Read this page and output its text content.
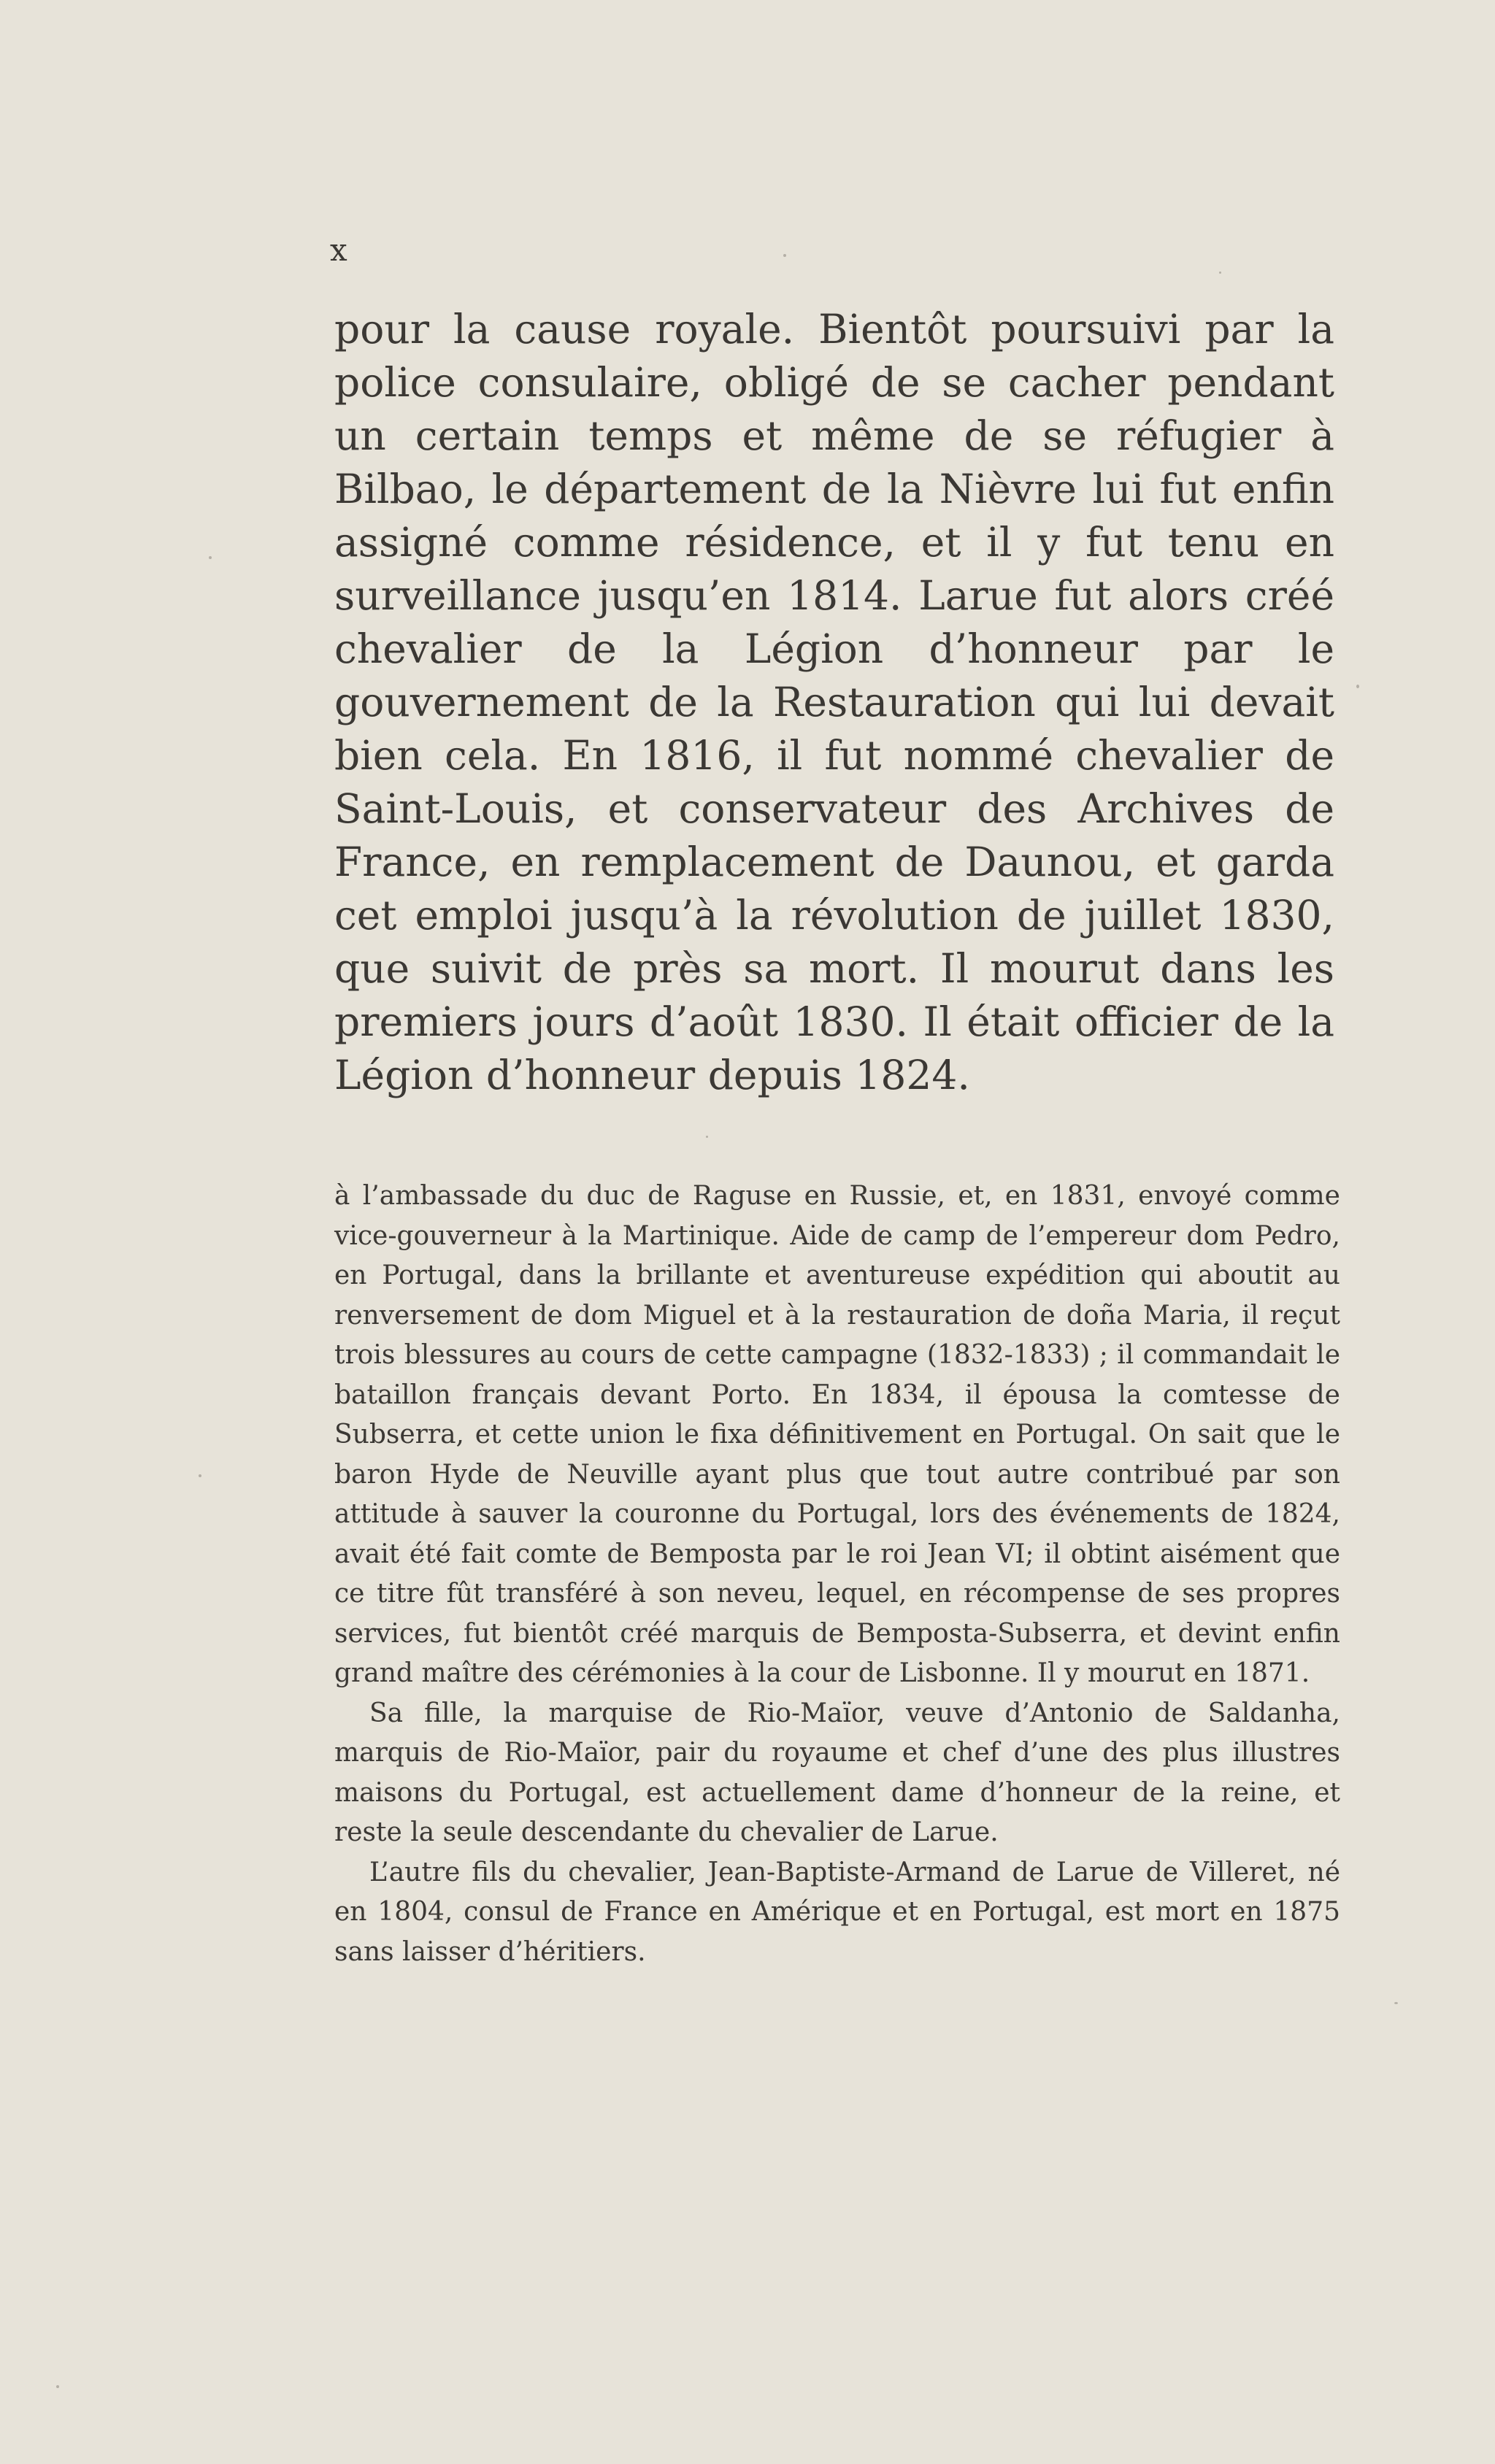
x

pour la cause royale. Bientôt poursuivi par la police consulaire, obligé de se cacher pendant un certain temps et même de se réfugier à Bilbao, le département de la Nièvre lui fut enfin assigné comme résidence, et il y fut tenu en surveillance jusqu’en 1814. Larue fut alors créé chevalier de la Légion d’honneur par le gouvernement de la Restauration qui lui devait bien cela. En 1816, il fut nommé chevalier de Saint-Louis, et conservateur des Archives de France, en remplacement de Daunou, et garda cet emploi jusqu’à la révolution de juillet 1830, que suivit de près sa mort. Il mourut dans les premiers jours d’août 1830. Il était officier de la Légion d’honneur depuis 1824.

à l’ambassade du duc de Raguse en Russie, et, en 1831, envoyé comme vice-gouverneur à la Martinique. Aide de camp de l’empereur dom Pedro, en Portugal, dans la brillante et aventureuse expédition qui aboutit au renversement de dom Miguel et à la restauration de doña Maria, il reçut trois blessures au cours de cette campagne (1832-1833) ; il commandait le bataillon français devant Porto. En 1834, il épousa la comtesse de Subserra, et cette union le fixa définitivement en Portugal. On sait que le baron Hyde de Neuville ayant plus que tout autre contribué par son attitude à sauver la couronne du Portugal, lors des événements de 1824, avait été fait comte de Bemposta par le roi Jean VI; il obtint aisément que ce titre fût transféré à son neveu, lequel, en récompense de ses propres services, fut bientôt créé marquis de Bemposta-Subserra, et devint enfin grand maître des cérémonies à la cour de Lisbonne. Il y mourut en 1871.

Sa fille, la marquise de Rio-Maïor, veuve d’Antonio de Saldanha, marquis de Rio-Maïor, pair du royaume et chef d’une des plus illustres maisons du Portugal, est actuellement dame d’honneur de la reine, et reste la seule descendante du chevalier de Larue.

L’autre fils du chevalier, Jean-Baptiste-Armand de Larue de Villeret, né en 1804, consul de France en Amérique et en Portugal, est mort en 1875 sans laisser d’héritiers.
